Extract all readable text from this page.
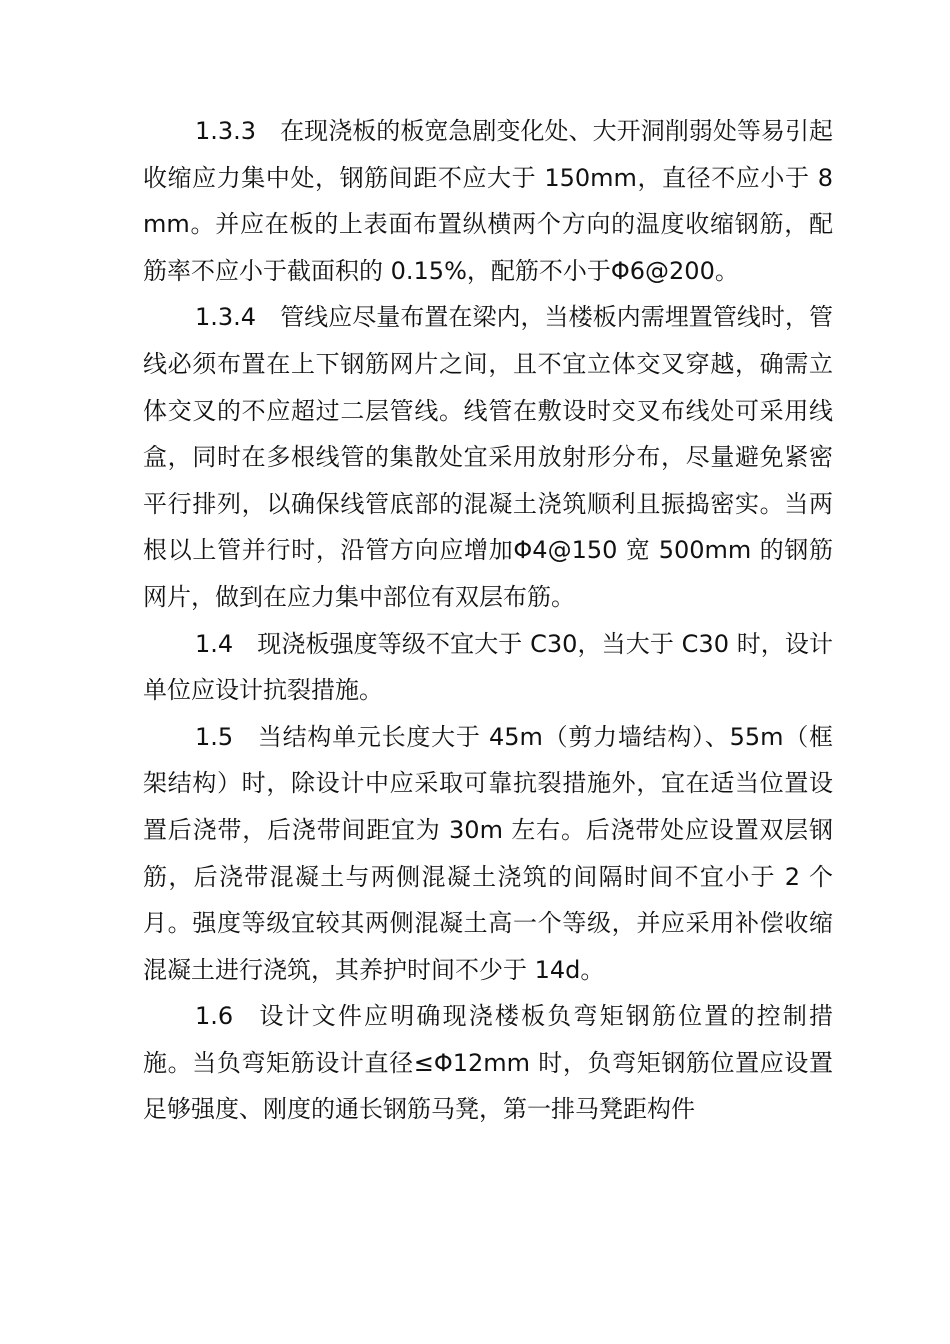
1.3.3 在现浇板的板宽急剧变化处、大开洞削弱处等易引起收缩应力集中处，钢筋间距不应大于 150mm，直径不应小于 8mm。并应在板的上表面布置纵横两个方向的温度收缩钢筋，配筋率不应小于截面积的 0.15%，配筋不小于Φ6@200。

1.3.4 管线应尽量布置在梁内，当楼板内需埋置管线时，管线必须布置在上下钢筋网片之间，且不宜立体交叉穿越，确需立体交叉的不应超过二层管线。线管在敷设时交叉布线处可采用线盒，同时在多根线管的集散处宜采用放射形分布，尽量避免紧密平行排列，以确保线管底部的混凝土浇筑顺利且振捣密实。当两根以上管并行时，沿管方向应增加Φ4@150 宽 500mm 的钢筋网片，做到在应力集中部位有双层布筋。

1.4 现浇板强度等级不宜大于 C30，当大于 C30 时，设计单位应设计抗裂措施。

1.5 当结构单元长度大于 45m（剪力墙结构）、55m（框架结构）时，除设计中应采取可靠抗裂措施外，宜在适当位置设置后浇带，后浇带间距宜为 30m 左右。后浇带处应设置双层钢筋，后浇带混凝土与两侧混凝土浇筑的间隔时间不宜小于 2 个月。强度等级宜较其两侧混凝土高一个等级，并应采用补偿收缩混凝土进行浇筑，其养护时间不少于 14d。

1.6 设计文件应明确现浇楼板负弯矩钢筋位置的控制措施。当负弯矩筋设计直径≤Φ12mm 时，负弯矩钢筋位置应设置足够强度、刚度的通长钢筋马凳，第一排马凳距构件
